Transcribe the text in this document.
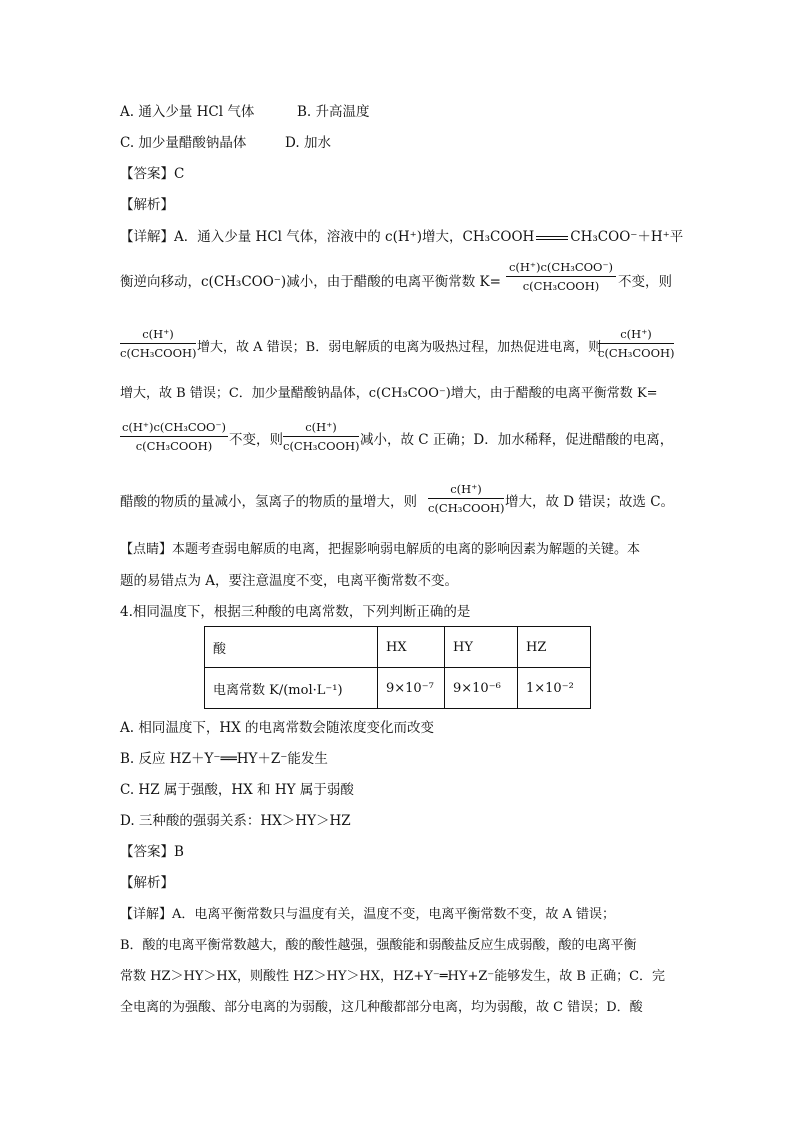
A. 通入少量 HCl 气体	B. 升高温度
C. 加少量醋酸钠晶体	D. 加水
【答案】C
【解析】
【详解】A．通入少量 HCl 气体，溶液中的 c(H⁺)增大，CH₃COOH	CH₃COO⁻＋H⁺平
衡逆向移动，c(CH₃COO⁻)减小，由于醋酸的电离平衡常数 K=
c(H⁺)c(CH₃COO⁻)
c(CH₃COOH)	不变，则
c(H⁺)
c(CH₃COOH) 增大，故 A 错误；B．弱电解质的电离为吸热过程，加热促进电离，则
c(H⁺)
c(CH₃COOH)
增大，故 B 错误；C．加少量醋酸钠晶体，c(CH₃COO⁻)增大，由于醋酸的电离平衡常数 K=
c(H⁺)c(CH₃COO⁻)
c(CH₃COOH)	不变，则
c(H⁺)
c(CH₃COOH) 减小，故 C 正确；D．加水稀释，促进醋酸的电离，
醋酸的物质的量减小，氢离子的物质的量增大，则
c(H⁺)
c(CH₃COOH) 增大，故 D 错误；故选 C。
【点睛】本题考查弱电解质的电离，把握影响弱电解质的电离的影响因素为解题的关键。本
题的易错点为 A，要注意温度不变，电离平衡常数不变。
4.相同温度下，根据三种酸的电离常数，下列判断正确的是
酸	HX	HY	HZ
电离常数 K/(mol·L⁻¹)	9×10⁻⁷	9×10⁻⁶	1×10⁻²
A. 相同温度下，HX 的电离常数会随浓度变化而改变
B. 反应 HZ＋Y⁻══HY＋Z⁻能发生
C. HZ 属于强酸，HX 和 HY 属于弱酸
D. 三种酸的强弱关系：HX＞HY＞HZ
【答案】B
【解析】
【详解】A．电离平衡常数只与温度有关，温度不变，电离平衡常数不变，故 A 错误；
B．酸的电离平衡常数越大，酸的酸性越强，强酸能和弱酸盐反应生成弱酸，酸的电离平衡
常数 HZ＞HY＞HX，则酸性 HZ＞HY＞HX，HZ+Y⁻═HY+Z⁻能够发生，故 B 正确；C．完
全电离的为强酸、部分电离的为弱酸，这几种酸都部分电离，均为弱酸，故 C 错误；D．酸
